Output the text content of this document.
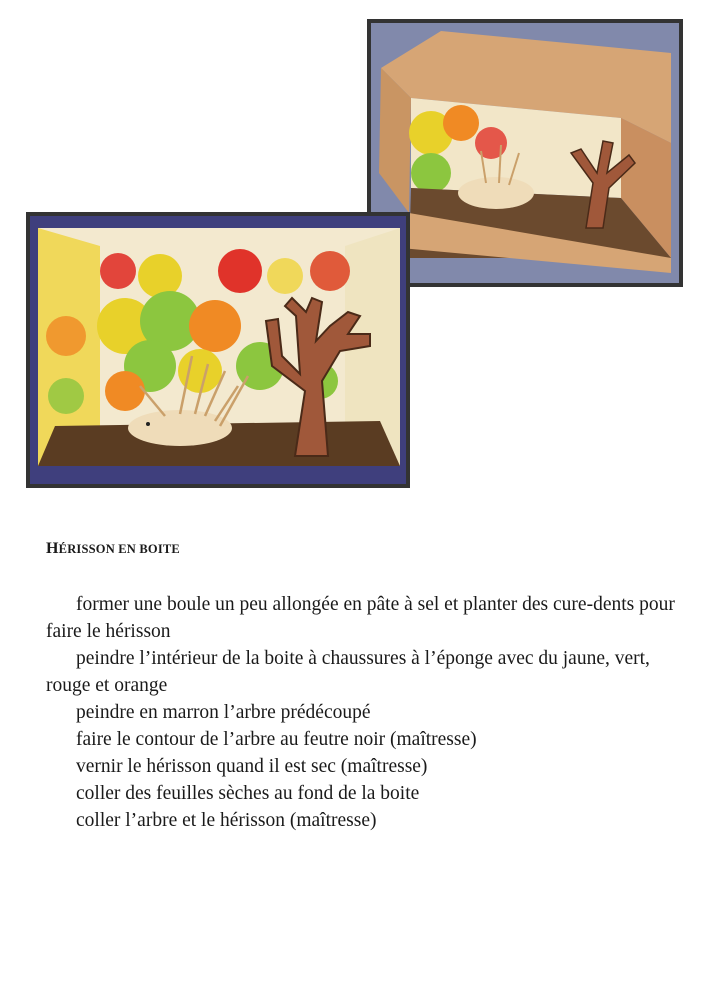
HÉRISSON EN BOITE
former une boule un peu allongée en pâte à sel et planter des cure-dents pour faire le hérisson
peindre l’intérieur de la boite à chaussures à l’éponge avec du jaune, vert, rouge et orange
peindre en marron l’arbre prédécoupé
faire le contour de l’arbre au feutre noir (maîtresse)
vernir le hérisson quand il est sec (maîtresse)
coller des feuilles sèches au fond de la boite
coller l’arbre et le hérisson (maîtresse)
